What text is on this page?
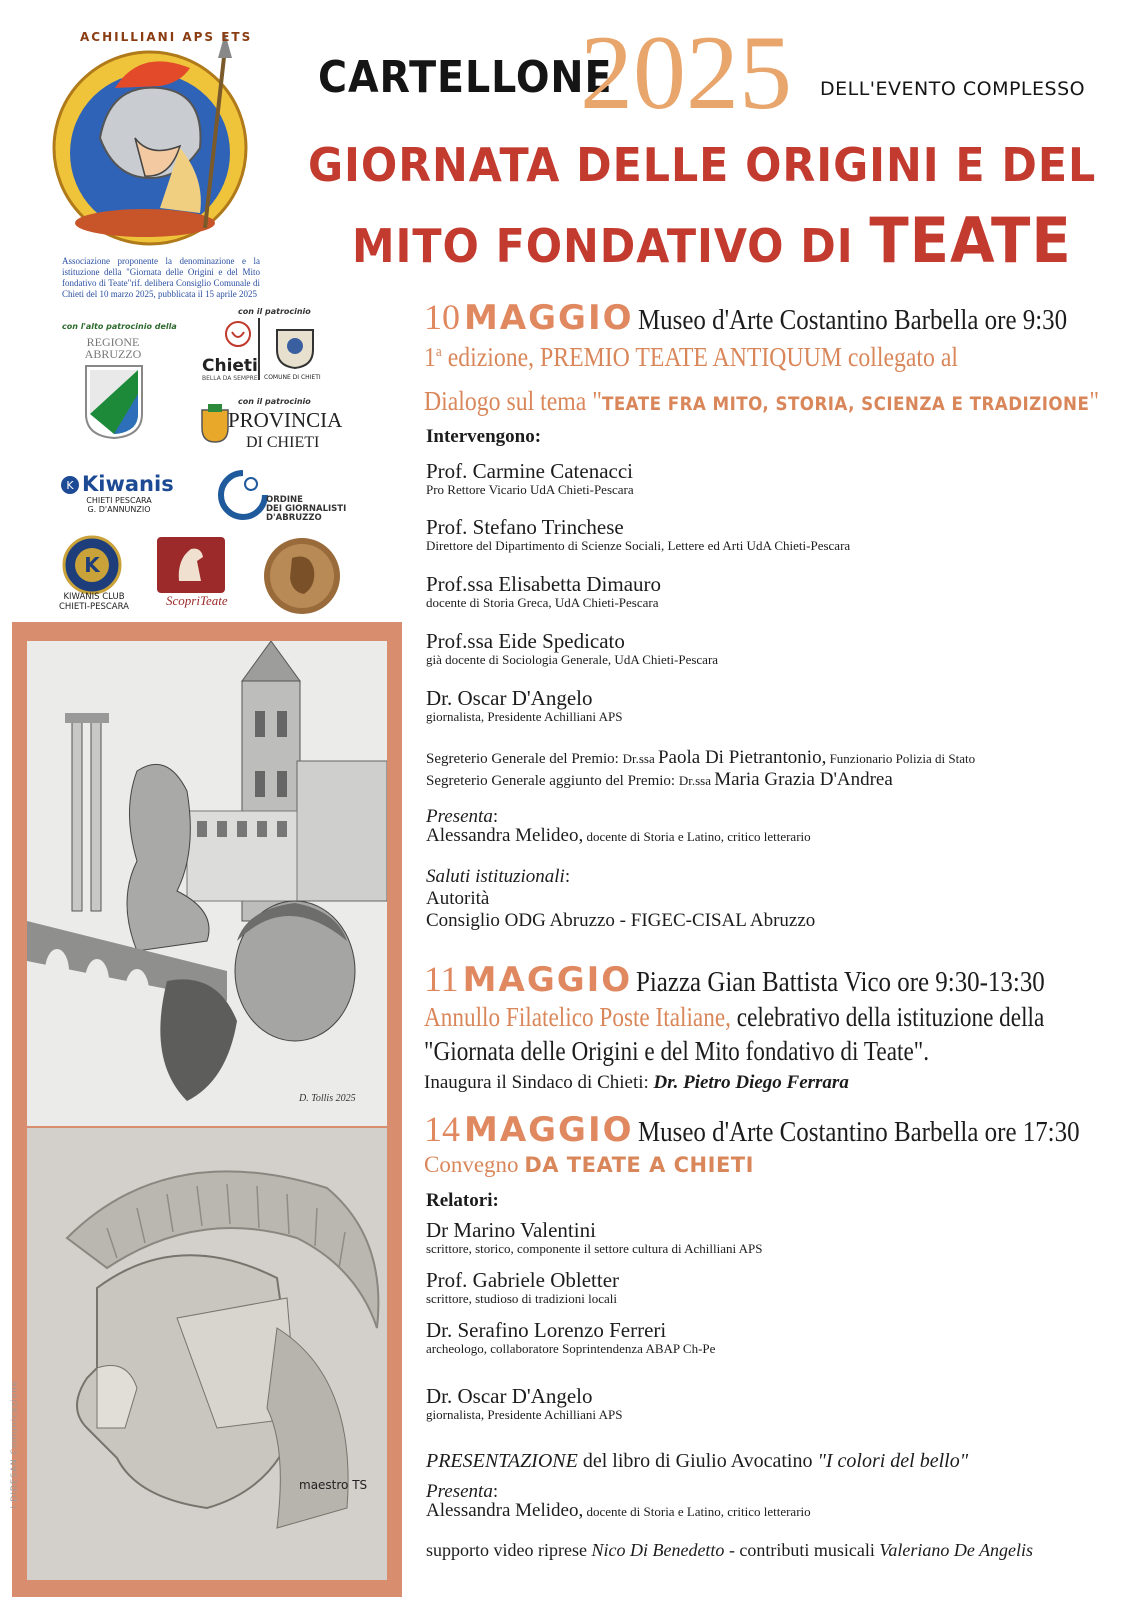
ACHILLIANI APS ETS
Associazione proponente la denominazione e la istituzione della "Giornata delle Origini e del Mito fondativo di Teate"rif. delibera Consiglio Comunale di Chieti del 10 marzo 2025, pubblicata il 15 aprile 2025
CARTELLONE
2025 DELL'EVENTO COMPLESSO
GIORNATA DELLE ORIGINI E DEL
MITO FONDATIVO DI TEATE
con l'alto patrocinio della
REGIONE
ABRUZZO
con il patrocinio
Chieti
BELLA DA SEMPRE COMUNE DI CHIETI
con il patrocinio
PROVINCIA
DI CHIETI
K Kiwanis
CHIETI PESCARA
G. D'ANNUNZIO
ORDINE
DEI GIORNALISTI
D'ABRUZZO
K
KIWANIS CLUB
CHIETI-PESCARA	ScopriTeate
D. Tollis 2025
maestro TS
I DIDESAN Comunicazione
10 MAGGIO Museo d'Arte Costantino Barbella ore 9:30
1$^a$ edizione, PREMIO TEATE ANTIQUUM collegato al
Dialogo sul tema "TEATE FRA MITO, STORIA, SCIENZA E TRADIZIONE"
Intervengono:
Prof. Carmine Catenacci
Pro Rettore Vicario UdA Chieti-Pescara
Prof. Stefano Trinchese
Direttore del Dipartimento di Scienze Sociali, Lettere ed Arti UdA Chieti-Pescara
Prof.ssa Elisabetta Dimauro
docente di Storia Greca, UdA Chieti-Pescara
Prof.ssa Eide Spedicato
già docente di Sociologia Generale, UdA Chieti-Pescara
Dr. Oscar D'Angelo
giornalista, Presidente Achilliani APS
Segreterio Generale del Premio: Dr.ssa Paola Di Pietrantonio, Funzionario Polizia di Stato
Segreterio Generale aggiunto del Premio: Dr.ssa Maria Grazia D'Andrea
Presenta:
Alessandra Melideo, docente di Storia e Latino, critico letterario
Saluti istituzionali:
Autorità
Consiglio ODG Abruzzo - FIGEC-CISAL Abruzzo
11 MAGGIO Piazza Gian Battista Vico ore 9:30-13:30
Annullo Filatelico Poste Italiane, celebrativo della istituzione della
"Giornata delle Origini e del Mito fondativo di Teate".
Inaugura il Sindaco di Chieti: Dr. Pietro Diego Ferrara
14 MAGGIO Museo d'Arte Costantino Barbella ore 17:30
Convegno DA TEATE A CHIETI
Relatori:
Dr Marino Valentini
scrittore, storico, componente il settore cultura di Achilliani APS
Prof. Gabriele Obletter
scrittore, studioso di tradizioni locali
Dr. Serafino Lorenzo Ferreri
archeologo, collaboratore Soprintendenza ABAP Ch-Pe
Dr. Oscar D'Angelo
giornalista, Presidente Achilliani APS
PRESENTAZIONE del libro di Giulio Avocatino "I colori del bello"
Presenta:
Alessandra Melideo, docente di Storia e Latino, critico letterario
supporto video riprese Nico Di Benedetto - contributi musicali Valeriano De Angelis
